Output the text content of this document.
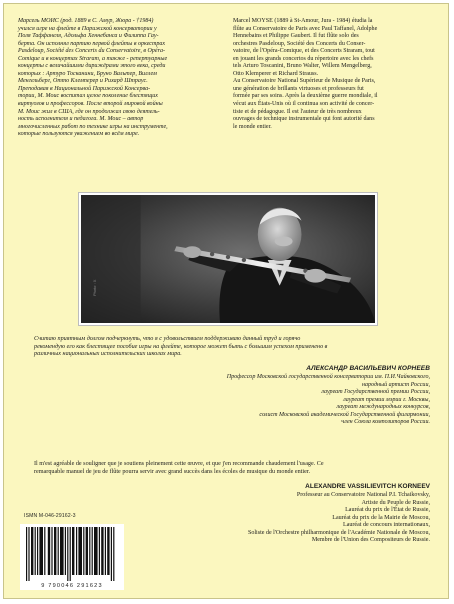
Марсель МОИС (род. 1889 в С. Амур, Жюра - †1984)

учился игре на флейте в Парижской консерватории у

Поля Таффанеля, Адольфа Хеннебанса и Филиппа Гау-

берта. Он исполнял партию первой флейты в оркестрах

Pasdeloup, Société des Concerts du Conservatoire, в Opéra-

Comique и в концертах Straram, а также - репертуарные

концерты с величайшими дирижёрами этого века, среди

которых : Артуро Тосканини, Бруно Вальтер, Виллем

Менгельберг, Отто Клемперер и Рихард Штраус.

Преподавая в Национальной Парижской Консерва-

тории, М. Моис воспитал целое поколение блестящих

виртуозов и профессоров. После второй мировой войны

М. Моис жил в США, где он продолжал свою деятель-

ность исполнителя и педагога. М. Моис – автор

многочисленных работ по технике игры на инструменте,

которые пользуются уважением во всём мире.

Marcel MOYSE (1889 à St-Amour, Jura - 1984) étudia la

flûte au Conservatoire de Paris avec Paul Taffanel, Adolphe

Hennebains et Philippe Gaubert. Il fut flûte solo des

orchestres Pasdeloup, Société des Concerts du Conser-

vatoire, de l'Opéra-Comique, et des Concerts Straram, tout

en jouant les grands concertos du répertoire avec les chefs

tels Arturo Toscanini, Bruno Walter, Willem Mengelberg,

Otto Klemperer et Richard Strauss.

Au Conservatoire National Supérieur de Musique de Paris,

une génération de brillants virtuoses et professeurs fut

formée par ses soins. Après la deuxième guerre mondiale, il

vécut aux États-Unis où il continua son activité de concer-

tiste et de pédagogue. Il est l'auteur de très nombreux

ouvrages de technique instrumentale qui font autorité dans

le monde entier.

Photo : X

Считаю приятным долгом подчеркнуть, что я с удовольствием поддерживаю данный труд и горячо

рекомендую его как блестящее пособие игры на флейте, которое может быть с большим успехом применено в

различных национальных исполнительских школах мира.

АЛЕКСАНДР ВАСИЛЬЕВИЧ КОРНЕЕВ
Профессор Московской государственной консерватории им. П.И.Чайковского,
народный артист России,
лауреат Государственной премии России,
лауреат премии мэрии г. Москвы,
лауреат международных конкурсов,
солист Московской академической Государственной филармонии,
член Союза композиторов России.

Il m'est agréable de souligner que je soutiens pleinement cette œuvre, et que j'en recommande chaudement l'usage. Ce

remarquable manuel de jeu de flûte pourra servir avec grand succès dans les écoles de musique du monde entier.

ALEXANDRE VASSILIEVITCH KORNEEV
Professeur au Conservatoire National P.I. Tchaikovsky,
Artiste du Peuple de Russie,
Lauréat du prix de l'État de Russie,
Lauréat du prix de la Mairie de Moscou,
Lauréat de concours internationaux,
Soliste de l'Orchestre philharmonique de l'Académie Nationale de Moscou,
Membre de l'Union des Compositeurs de Russie.
ISMN M-046-29162-3
9 790046 291623
